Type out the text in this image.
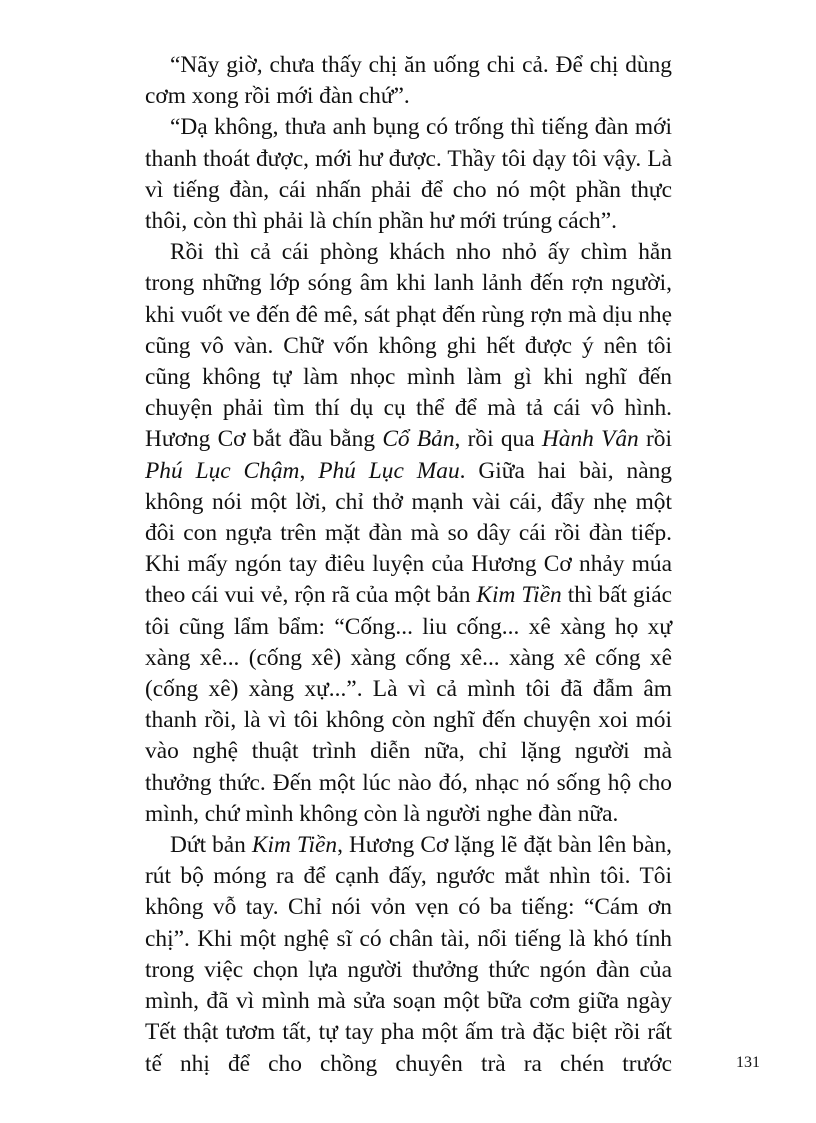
“Nãy giờ, chưa thấy chị ăn uống chi cả. Để chị dùng cơm xong rồi mới đàn chứ”.

“Dạ không, thưa anh bụng có trống thì tiếng đàn mới thanh thoát được, mới hư được. Thầy tôi dạy tôi vậy. Là vì tiếng đàn, cái nhấn phải để cho nó một phần thực thôi, còn thì phải là chín phần hư mới trúng cách”.

Rồi thì cả cái phòng khách nho nhỏ ấy chìm hẳn trong những lớp sóng âm khi lanh lảnh đến rợn người, khi vuốt ve đến đê mê, sát phạt đến rùng rợn mà dịu nhẹ cũng vô vàn. Chữ vốn không ghi hết được ý nên tôi cũng không tự làm nhọc mình làm gì khi nghĩ đến chuyện phải tìm thí dụ cụ thể để mà tả cái vô hình. Hương Cơ bắt đầu bằng Cổ Bản, rồi qua Hành Vân rồi Phú Lục Chậm, Phú Lục Mau. Giữa hai bài, nàng không nói một lời, chỉ thở mạnh vài cái, đẩy nhẹ một đôi con ngựa trên mặt đàn mà so dây cái rồi đàn tiếp. Khi mấy ngón tay điêu luyện của Hương Cơ nhảy múa theo cái vui vẻ, rộn rã của một bản Kim Tiền thì bất giác tôi cũng lẩm bẩm: “Cống... liu cống... xê xàng họ xự xàng xê... (cống xê) xàng cống xê... xàng xê cống xê (cống xê) xàng xự...”. Là vì cả mình tôi đã đẫm âm thanh rồi, là vì tôi không còn nghĩ đến chuyện xoi mói vào nghệ thuật trình diễn nữa, chỉ lặng người mà thưởng thức. Đến một lúc nào đó, nhạc nó sống hộ cho mình, chứ mình không còn là người nghe đàn nữa.

Dứt bản Kim Tiền, Hương Cơ lặng lẽ đặt bàn lên bàn, rút bộ móng ra để cạnh đấy, ngước mắt nhìn tôi. Tôi không vỗ tay. Chỉ nói vỏn vẹn có ba tiếng: “Cám ơn chị”. Khi một nghệ sĩ có chân tài, nổi tiếng là khó tính trong việc chọn lựa người thưởng thức ngón đàn của mình, đã vì mình mà sửa soạn một bữa cơm giữa ngày Tết thật tươm tất, tự tay pha một ấm trà đặc biệt rồi rất tế nhị để cho chồng chuyên trà ra chén trước	131
